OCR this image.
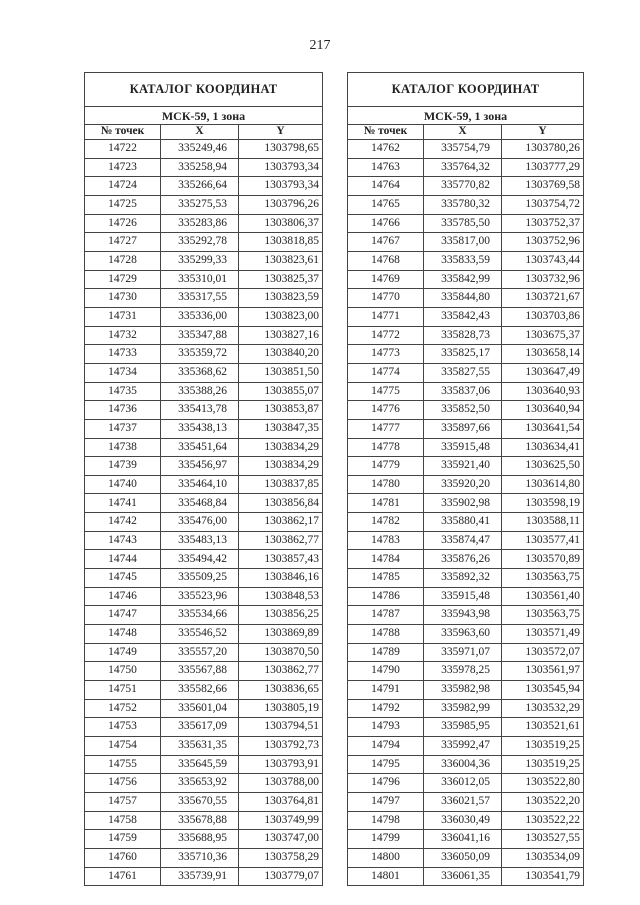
217
КАТАЛОГ КООРДИНАТ		
МСК-59, 1 зона		
№ точек	X	Y
14722	335249,46	1303798,65
14723	335258,94	1303793,34
14724	335266,64	1303793,34
14725	335275,53	1303796,26
14726	335283,86	1303806,37
14727	335292,78	1303818,85
14728	335299,33	1303823,61
14729	335310,01	1303825,37
14730	335317,55	1303823,59
14731	335336,00	1303823,00
14732	335347,88	1303827,16
14733	335359,72	1303840,20
14734	335368,62	1303851,50
14735	335388,26	1303855,07
14736	335413,78	1303853,87
14737	335438,13	1303847,35
14738	335451,64	1303834,29
14739	335456,97	1303834,29
14740	335464,10	1303837,85
14741	335468,84	1303856,84
14742	335476,00	1303862,17
14743	335483,13	1303862,77
14744	335494,42	1303857,43
14745	335509,25	1303846,16
14746	335523,96	1303848,53
14747	335534,66	1303856,25
14748	335546,52	1303869,89
14749	335557,20	1303870,50
14750	335567,88	1303862,77
14751	335582,66	1303836,65
14752	335601,04	1303805,19
14753	335617,09	1303794,51
14754	335631,35	1303792,73
14755	335645,59	1303793,91
14756	335653,92	1303788,00
14757	335670,55	1303764,81
14758	335678,88	1303749,99
14759	335688,95	1303747,00
14760	335710,36	1303758,29
14761	335739,91	1303779,07
КАТАЛОГ КООРДИНАТ		
МСК-59, 1 зона		
№ точек	X	Y
14762	335754,79	1303780,26
14763	335764,32	1303777,29
14764	335770,82	1303769,58
14765	335780,32	1303754,72
14766	335785,50	1303752,37
14767	335817,00	1303752,96
14768	335833,59	1303743,44
14769	335842,99	1303732,96
14770	335844,80	1303721,67
14771	335842,43	1303703,86
14772	335828,73	1303675,37
14773	335825,17	1303658,14
14774	335827,55	1303647,49
14775	335837,06	1303640,93
14776	335852,50	1303640,94
14777	335897,66	1303641,54
14778	335915,48	1303634,41
14779	335921,40	1303625,50
14780	335920,20	1303614,80
14781	335902,98	1303598,19
14782	335880,41	1303588,11
14783	335874,47	1303577,41
14784	335876,26	1303570,89
14785	335892,32	1303563,75
14786	335915,48	1303561,40
14787	335943,98	1303563,75
14788	335963,60	1303571,49
14789	335971,07	1303572,07
14790	335978,25	1303561,97
14791	335982,98	1303545,94
14792	335982,99	1303532,29
14793	335985,95	1303521,61
14794	335992,47	1303519,25
14795	336004,36	1303519,25
14796	336012,05	1303522,80
14797	336021,57	1303522,20
14798	336030,49	1303522,22
14799	336041,16	1303527,55
14800	336050,09	1303534,09
14801	336061,35	1303541,79
